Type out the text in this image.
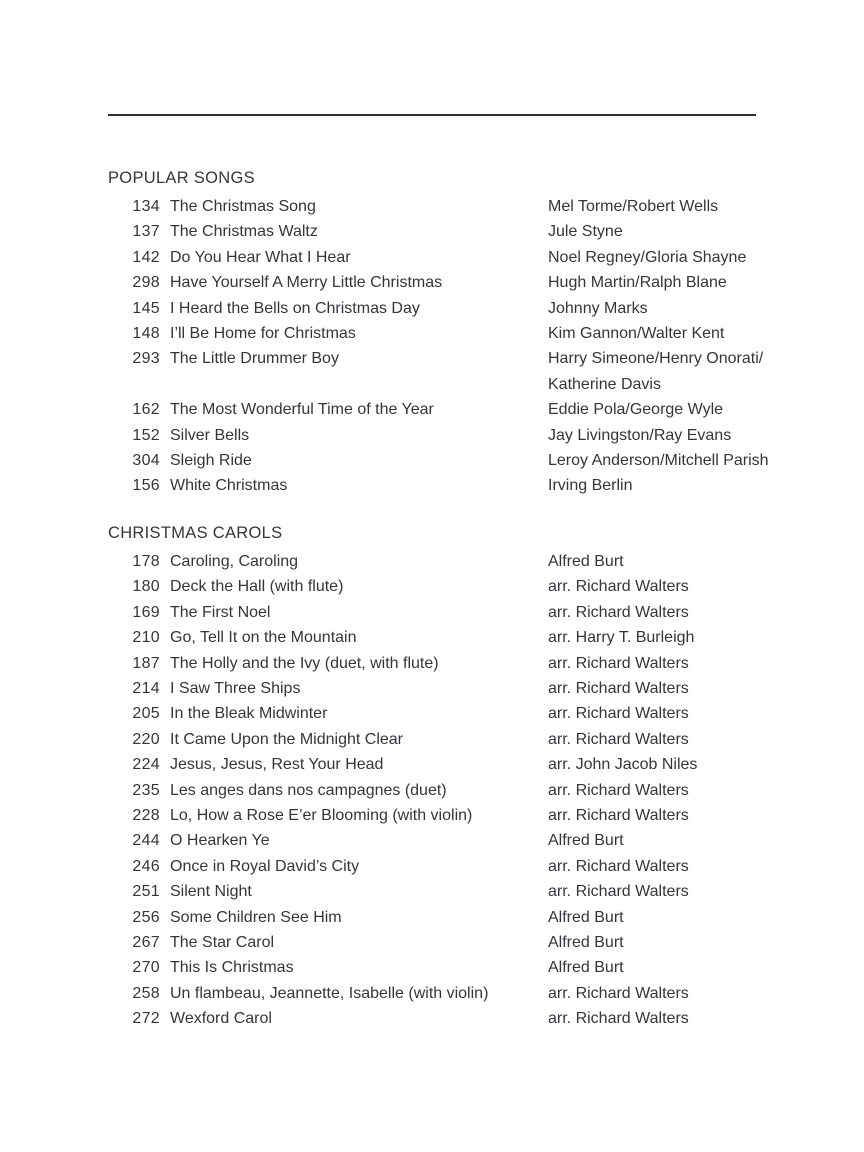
POPULAR SONGS
134 The Christmas Song	Mel Torme/Robert Wells
137 The Christmas Waltz	Jule Styne
142 Do You Hear What I Hear	Noel Regney/Gloria Shayne
298 Have Yourself A Merry Little Christmas	Hugh Martin/Ralph Blane
145 I Heard the Bells on Christmas Day	Johnny Marks
148 I’ll Be Home for Christmas	Kim Gannon/Walter Kent
293 The Little Drummer Boy	Harry Simeone/Henry Onorati/
Katherine Davis
162 The Most Wonderful Time of the Year	Eddie Pola/George Wyle
152 Silver Bells	Jay Livingston/Ray Evans
304 Sleigh Ride	Leroy Anderson/Mitchell Parish
156 White Christmas	Irving Berlin
CHRISTMAS CAROLS
178 Caroling, Caroling	Alfred Burt
180 Deck the Hall (with flute)	arr. Richard Walters
169 The First Noel	arr. Richard Walters
210 Go, Tell It on the Mountain	arr. Harry T. Burleigh
187 The Holly and the Ivy (duet, with flute)	arr. Richard Walters
214 I Saw Three Ships	arr. Richard Walters
205 In the Bleak Midwinter	arr. Richard Walters
220 It Came Upon the Midnight Clear	arr. Richard Walters
224 Jesus, Jesus, Rest Your Head	arr. John Jacob Niles
235 Les anges dans nos campagnes (duet)	arr. Richard Walters
228 Lo, How a Rose E’er Blooming (with violin)	arr. Richard Walters
244 O Hearken Ye	Alfred Burt
246 Once in Royal David’s City	arr. Richard Walters
251 Silent Night	arr. Richard Walters
256 Some Children See Him	Alfred Burt
267 The Star Carol	Alfred Burt
270 This Is Christmas	Alfred Burt
258 Un flambeau, Jeannette, Isabelle (with violin)	arr. Richard Walters
272 Wexford Carol	arr. Richard Walters
